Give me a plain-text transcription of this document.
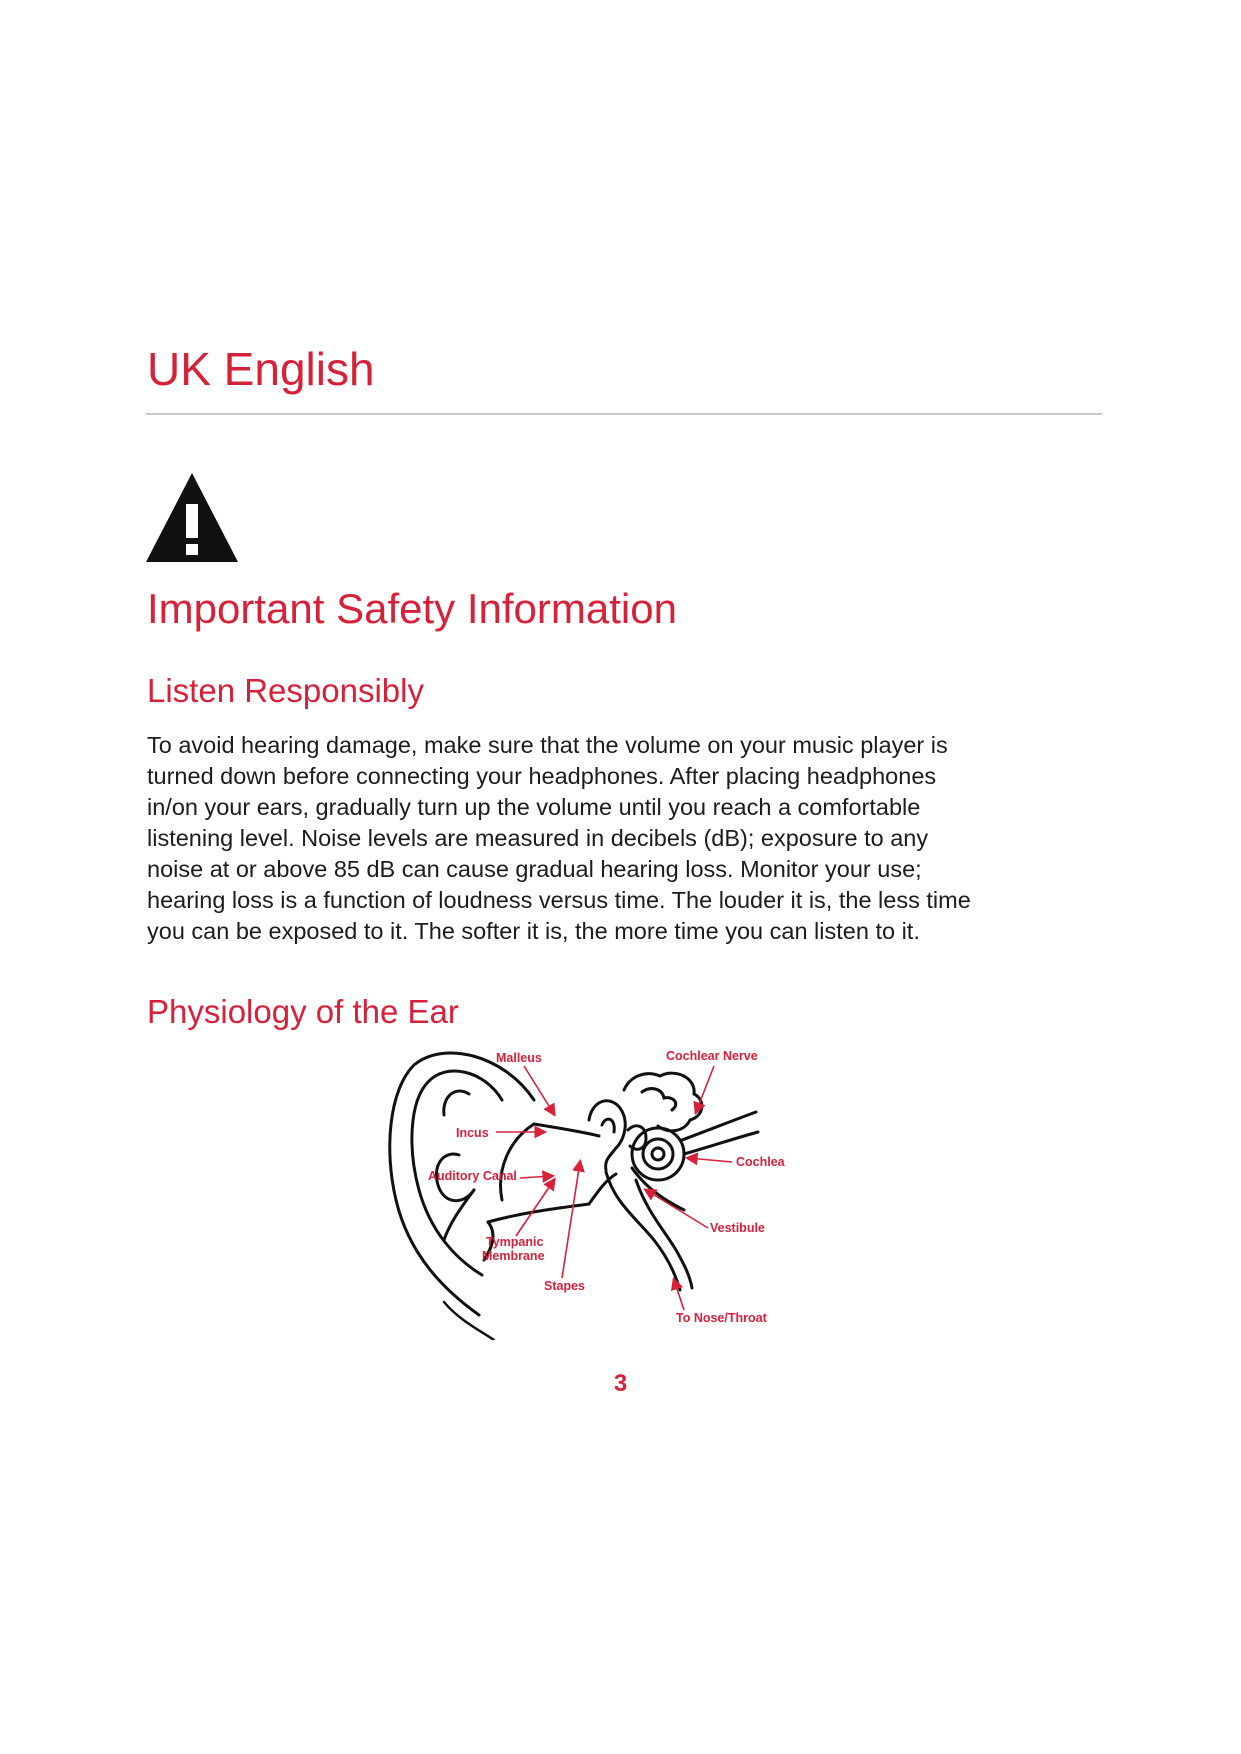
UK English
Important Safety Information
Listen Responsibly
To avoid hearing damage, make sure that the volume on your music player is
turned down before connecting your headphones. After placing headphones
in/on your ears, gradually turn up the volume until you reach a comfortable
listening level. Noise levels are measured in decibels (dB); exposure to any
noise at or above 85 dB can cause gradual hearing loss. Monitor your use;
hearing loss is a function of loudness versus time. The louder it is, the less time
you can be exposed to it. The softer it is, the more time you can listen to it.
Physiology of the Ear
Malleus	Cochlear Nerve
Incus
Auditory Canal
Cochlea
Vestibule
Tympanic
Membrane
Stapes
To Nose/Throat
3
